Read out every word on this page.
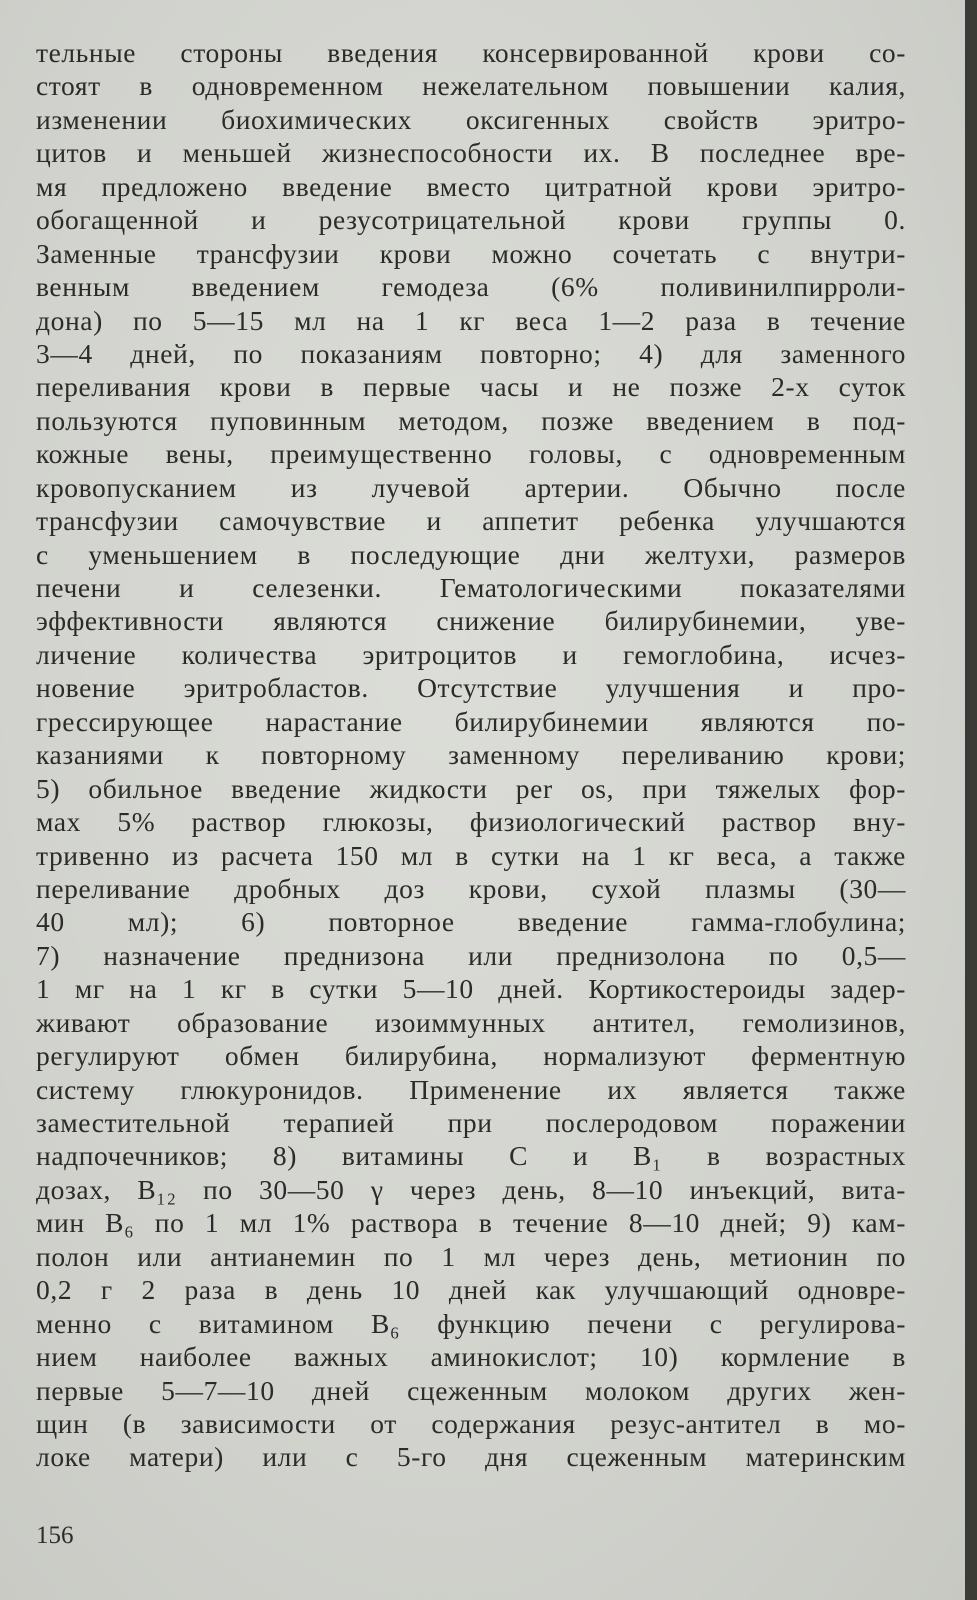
тельные стороны введения консервированной крови со-
стоят в одновременном нежелательном повышении калия,
изменении биохимических оксигенных свойств эритро-
цитов и меньшей жизнеспособности их. В последнее вре-
мя предложено введение вместо цитратной крови эритро-
обогащенной и резусотрицательной крови группы 0.
Заменные трансфузии крови можно сочетать с внутри-
венным введением гемодеза (6% поливинилпирроли-
дона) по 5—15 мл на 1 кг веса 1—2 раза в течение
3—4 дней, по показаниям повторно; 4) для заменного
переливания крови в первые часы и не позже 2-х суток
пользуются пуповинным методом, позже введением в под-
кожные вены, преимущественно головы, с одновременным
кровопусканием из лучевой артерии. Обычно после
трансфузии самочувствие и аппетит ребенка улучшаются
с уменьшением в последующие дни желтухи, размеров
печени и селезенки. Гематологическими показателями
эффективности являются снижение билирубинемии, уве-
личение количества эритроцитов и гемоглобина, исчез-
новение эритробластов. Отсутствие улучшения и про-
грессирующее нарастание билирубинемии являются по-
казаниями к повторному заменному переливанию крови;
5) обильное введение жидкости per os, при тяжелых фор-
мах 5% раствор глюкозы, физиологический раствор вну-
тривенно из расчета 150 мл в сутки на 1 кг веса, а также
переливание дробных доз крови, сухой плазмы (30—
40 мл); 6) повторное введение гамма-глобулина;
7) назначение преднизона или преднизолона по 0,5—
1 мг на 1 кг в сутки 5—10 дней. Кортикостероиды задер-
живают образование изоиммунных антител, гемолизинов,
регулируют обмен билирубина, нормализуют ферментную
систему глюкуронидов. Применение их является также
заместительной терапией при послеродовом поражении
надпочечников; 8) витамины C и B₁ в возрастных
дозах, B₁₂ по 30—50 γ через день, 8—10 инъекций, вита-
мин B₆ по 1 мл 1% раствора в течение 8—10 дней; 9) кам-
полон или антианемин по 1 мл через день, метионин по
0,2 г 2 раза в день 10 дней как улучшающий одновре-
менно с витамином B₆ функцию печени с регулирова-
нием наиболее важных аминокислот; 10) кормление в
первые 5—7—10 дней сцеженным молоком других жен-
щин (в зависимости от содержания резус-антител в мо-
локе матери) или с 5-го дня сцеженным материнским
156
